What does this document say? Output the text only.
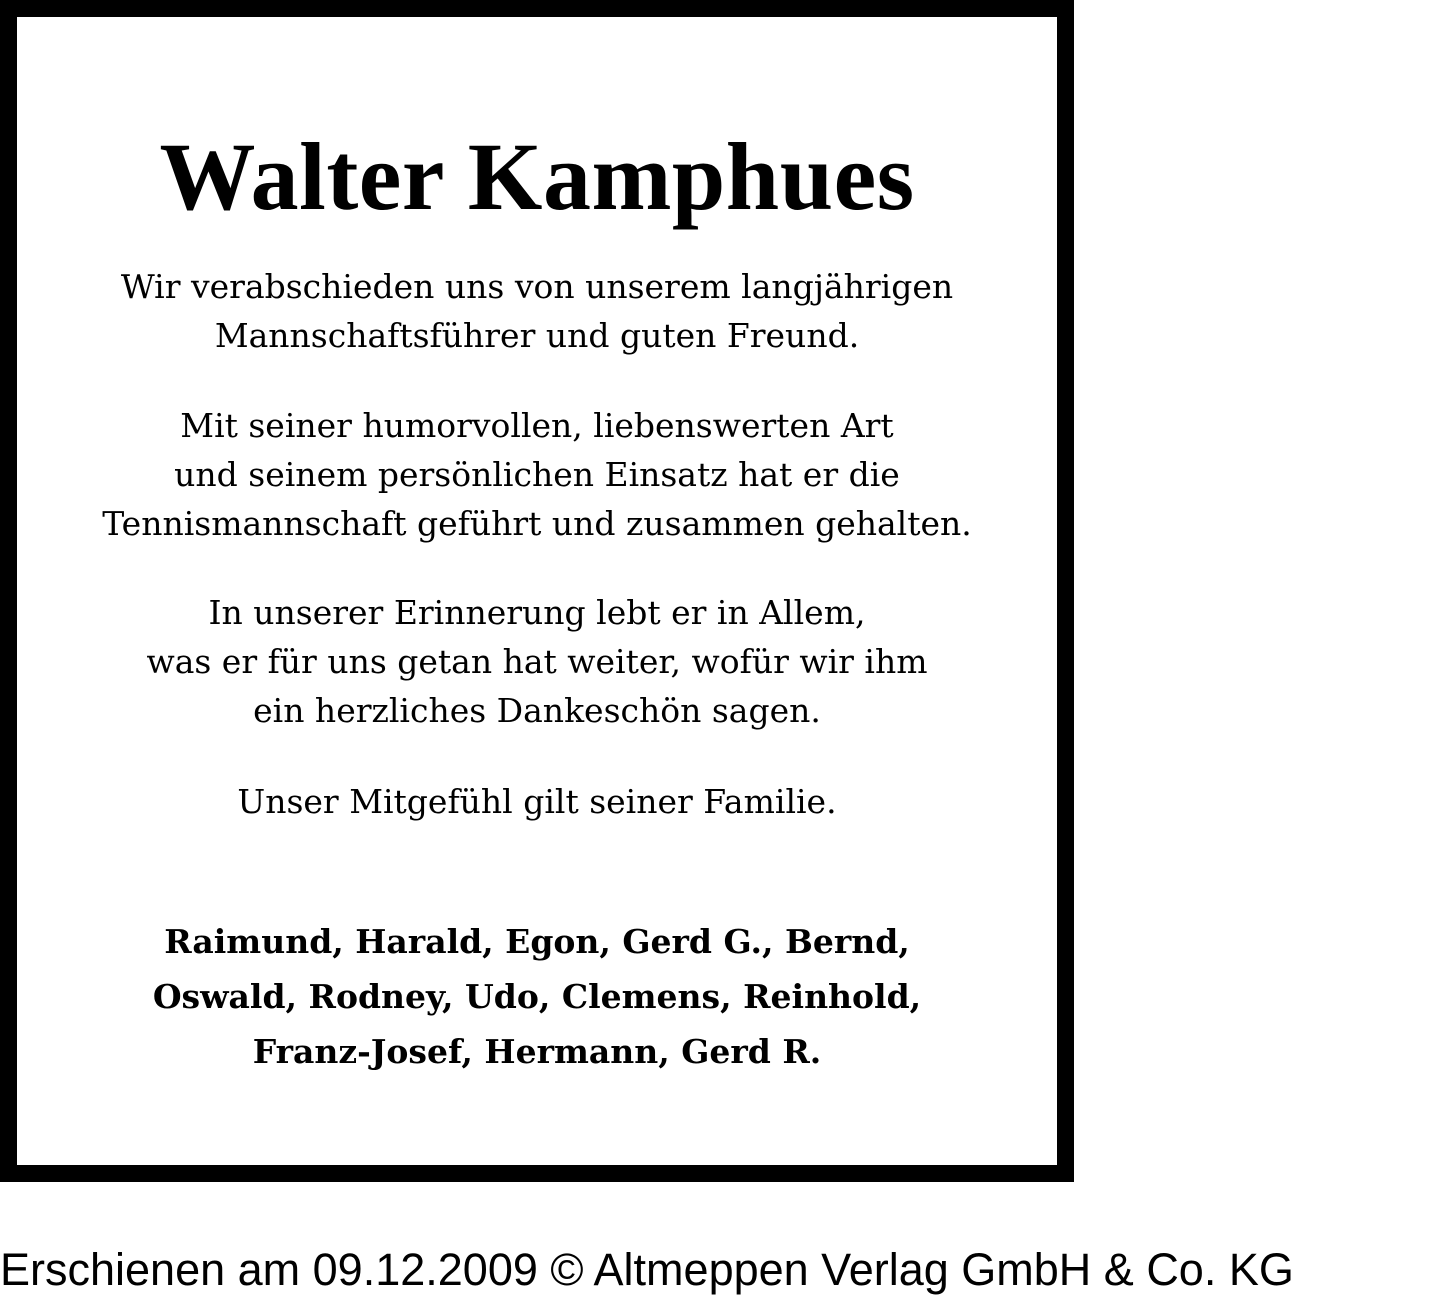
Walter Kamphues

Wir verabschieden uns von unserem langjährigen
Mannschaftsführer und guten Freund.

Mit seiner humorvollen, liebenswerten Art
und seinem persönlichen Einsatz hat er die
Tennismannschaft geführt und zusammen gehalten.

In unserer Erinnerung lebt er in Allem,
was er für uns getan hat weiter, wofür wir ihm
ein herzliches Dankeschön sagen.

Unser Mitgefühl gilt seiner Familie.

Raimund, Harald, Egon, Gerd G., Bernd,
Oswald, Rodney, Udo, Clemens, Reinhold,
Franz-Josef, Hermann, Gerd R.

Erschienen am 09.12.2009 © Altmeppen Verlag GmbH & Co. KG
